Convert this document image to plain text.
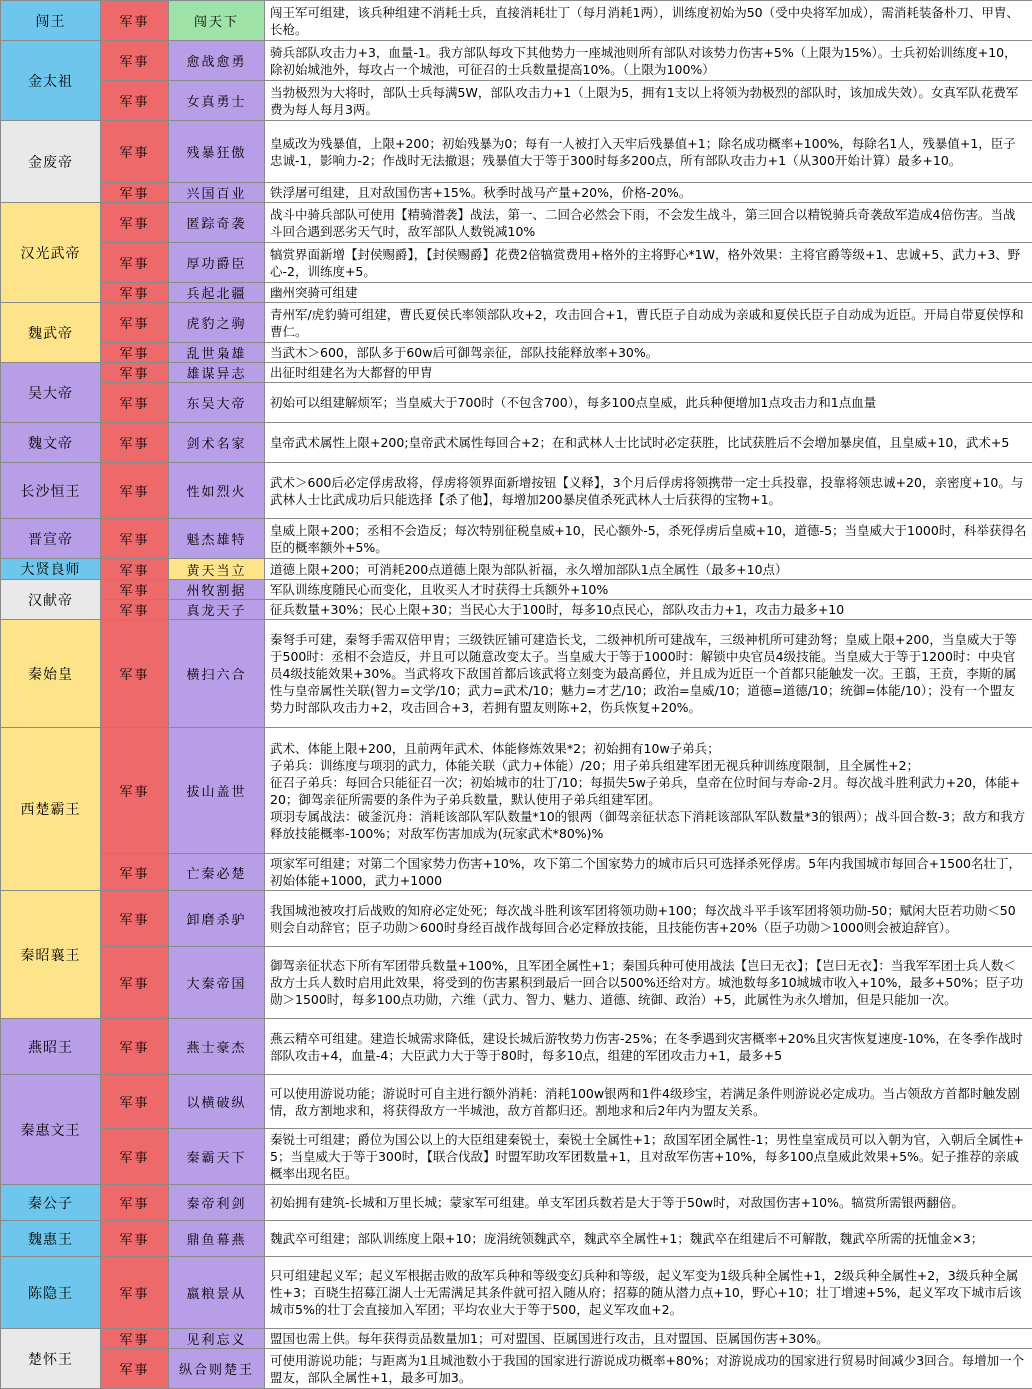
闯王	军事	闯天下	闯王军可组建，该兵种组建不消耗士兵，直接消耗壮丁（每月消耗1两），训练度初始为50（受中央将军加成），需消耗装备朴刀、甲胄、长枪。
金太祖	军事	愈战愈勇	骑兵部队攻击力+3，血量-1。我方部队每攻下其他势力一座城池则所有部队对该势力伤害+5%（上限为15%）。士兵初始训练度+10，除初始城池外，每攻占一个城池，可征召的士兵数量提高10%。（上限为100%）
	军事	女真勇士	当勃极烈为大将时，部队士兵每满5W，部队攻击力+1（上限为5，拥有1支以上将领为勃极烈的部队时，该加成失效）。女真军队花费军费为每人每月3两。
金废帝	军事	残暴狂傲	皇威改为残暴值，上限+200；初始残暴为0；每有一人被打入天牢后残暴值+1；除名成功概率+100%，每除名1人，残暴值+1，臣子忠诚-1，影响力-2；作战时无法撤退；残暴值大于等于300时每多200点，所有部队攻击力+1（从300开始计算）最多+10。
	军事	兴国百业	铁浮屠可组建，且对敌国伤害+15%。秋季时战马产量+20%，价格-20%。
汉光武帝	军事	匿踪奇袭	战斗中骑兵部队可使用【精骑潜袭】战法，第一、二回合必然会下雨，不会发生战斗，第三回合以精锐骑兵奇袭敌军造成4倍伤害。当战斗回合遇到恶劣天气时，敌军部队人数锐减10%
	军事	厚功爵臣	犒赏界面新增【封侯赐爵】，【封侯赐爵】花费2倍犒赏费用+格外的主将野心*1W，格外效果：主将官爵等级+1、忠诚+5、武力+3、野心-2，训练度+5。
	军事	兵起北疆	幽州突骑可组建
魏武帝	军事	虎豹之驹	青州军/虎豹骑可组建，曹氏夏侯氏率领部队攻+2，攻击回合+1，曹氏臣子自动成为亲戚和夏侯氏臣子自动成为近臣。开局自带夏侯惇和曹仁。
	军事	乱世枭雄	当武木＞600，部队多于60w后可御驾亲征，部队技能释放率+30%。
吴大帝	军事	雄谋异志	出征时组建名为大都督的甲胄
	军事	东吴大帝	初始可以组建解烦军；当皇威大于700时（不包含700），每多100点皇威，此兵种便增加1点攻击力和1点血量
魏文帝	军事	剑术名家	皇帝武术属性上限+200;皇帝武术属性每回合+2；在和武林人士比试时必定获胜，比试获胜后不会增加暴戾值，且皇威+10，武术+5
长沙恒王	军事	性如烈火	武术＞600后必定俘虏敌将，俘虏将领界面新增按钮【义释】，3个月后俘虏将领携带一定士兵投靠，投靠将领忠诚+20，亲密度+10。与武林人士比武成功后只能选择【杀了他】，每增加200暴戾值杀死武林人士后获得的宝物+1。
晋宣帝	军事	魁杰雄特	皇威上限+200；丞相不会造反；每次特别征税皇威+10，民心额外-5，杀死俘虏后皇威+10，道德-5；当皇威大于1000时，科举获得名臣的概率额外+5%。
大贤良师	军事	黄天当立	道德上限+200；可消耗200点道德上限为部队祈福，永久增加部队1点全属性（最多+10点）
汉献帝	军事	州牧割据	军队训练度随民心而变化，且收买人才时获得士兵额外+10%
	军事	真龙天子	征兵数量+30%；民心上限+30；当民心大于100时，每多10点民心，部队攻击力+1，攻击力最多+10
秦始皇	军事	横扫六合	秦弩手可建，秦弩手需双倍甲胄；三级铁匠铺可建造长戈，二级神机所可建战车，三级神机所可建劲弩；皇威上限+200，当皇威大于等于500时：丞相不会造反，并且可以随意改变太子。当皇威大于等于1000时：解锁中央官员4级技能。当皇威大于等于1200时：中央官员4级技能效果+30%。当武将攻下敌国首都后该武将立刻变为最高爵位，并且成为近臣一个首都只能触发一次。王翦，王贲，李斯的属性与皇帝属性关联(智力=文学/10；武力=武术/10；魅力=才艺/10；政治=皇威/10；道德=道德/10；统御=体能/10）；没有一个盟友势力时部队攻击力+2，攻击回合+3，若拥有盟友则陈+2，伤兵恢复+20%。
西楚霸王	军事	拔山盖世	武术、体能上限+200，且前两年武术、体能修炼效果*2；初始拥有10w子弟兵；
子弟兵：训练度与项羽的武力，体能关联（武力+体能）/20；用子弟兵组建军团无视兵种训练度限制，且全属性+2；
征召子弟兵：每回合只能征召一次；初始城市的壮丁/10；每损失5w子弟兵，皇帝在位时间与寿命-2月。每次战斗胜利武力+20，体能+20；御驾亲征所需要的条件为子弟兵数量，默认使用子弟兵组建军团。
项羽专属战法：破釜沉舟：消耗该部队军队数量*10的银两（御驾亲征状态下消耗该部队军队数量*3的银两）；战斗回合数-3；敌方和我方释放技能概率-100%；对敌军伤害加成为(玩家武术*80%)%
	军事	亡秦必楚	项家军可组建；对第二个国家势力伤害+10%，攻下第二个国家势力的城市后只可选择杀死俘虏。5年内我国城市每回合+1500名壮丁，初始体能+1000，武力+1000
秦昭襄王	军事	卸磨杀驴	我国城池被攻打后战败的知府必定处死；每次战斗胜利该军团将领功勋+100；每次战斗平手该军团将领功勋-50；赋闲大臣若功勋＜50则会自动辞官；臣子功勋＞600时身经百战作战每回合必定释放技能，且技能伤害+20%（臣子功勋＞1000则会被迫辞官）。
	军事	大秦帝国	御驾亲征状态下所有军团带兵数量+100%，且军团全属性+1；秦国兵种可使用战法【岂曰无衣】；【岂曰无衣】：当我军军团士兵人数＜敌方士兵人数时启用此效果，将受到的伤害累积到最后一回合以500%还给对方。城池数每多10城城市收入+10%，最多+50%；臣子功勋＞1500时，每多100点功勋，六维（武力、智力、魅力、道德、统御、政治）+5，此属性为永久增加，但是只能加一次。
燕昭王	军事	燕士豪杰	燕云精卒可组建。建造长城需求降低，建设长城后游牧势力伤害-25%；在冬季遇到灾害概率+20%且灾害恢复速度-10%，在冬季作战时部队攻击+4，血量-4；大臣武力大于等于80时，每多10点，组建的军团攻击力+1，最多+5
秦惠文王	军事	以横破纵	可以使用游说功能；游说时可自主进行额外消耗：消耗100w银两和1件4级珍宝，若满足条件则游说必定成功。当占领敌方首都时触发剧情，敌方割地求和，将获得敌方一半城池，敌方首都归还。割地求和后2年内为盟友关系。
	军事	秦霸天下	秦锐士可组建；爵位为国公以上的大臣组建秦锐士，秦锐士全属性+1；敌国军团全属性-1；男性皇室成员可以入朝为官，入朝后全属性+5；当皇威大于等于300时，【联合伐敌】时盟军助攻军团数量+1，且对敌军伤害+10%，每多100点皇威此效果+5%。妃子推荐的亲戚概率出现名臣。
秦公子	军事	秦帝利剑	初始拥有建筑-长城和万里长城；蒙家军可组建。单支军团兵数若是大于等于50w时，对敌国伤害+10%。犒赏所需银两翻倍。
魏惠王	军事	鼎鱼幕燕	魏武卒可组建；部队训练度上限+10；庞涓统领魏武卒，魏武卒全属性+1；魏武卒在组建后不可解散，魏武卒所需的抚恤金×3；
陈隐王	军事	嬴粮景从	只可组建起义军；起义军根据击败的敌军兵种和等级变幻兵种和等级，起义军变为1级兵种全属性+1，2级兵种全属性+2，3级兵种全属性+3；百晓生招募江湖人士无需满足其条件就可招入随从府；招募的随从潜力点+10，野心+10；壮丁增速+5%，起义军攻下城市后该城市5%的壮丁会直接加入军团；平均农业大于等于500，起义军攻血+2。
楚怀王	军事	见利忘义	盟国也需上供。每年获得贡品数量加1；可对盟国、臣属国进行攻击，且对盟国、臣属国伤害+30%。
	军事	纵合则楚王	可使用游说功能；与距离为1且城池数小于我国的国家进行游说成功概率+80%；对游说成功的国家进行贸易时间减少3回合。每增加一个盟友，部队全属性+1，最多可加3。
